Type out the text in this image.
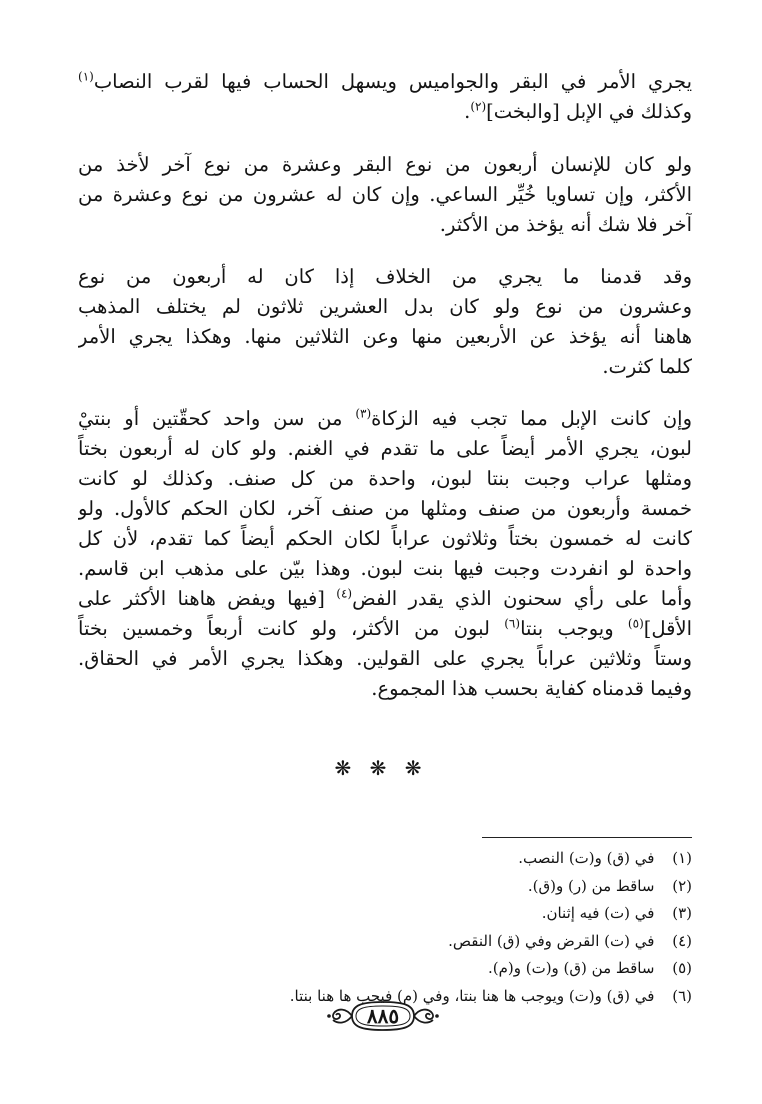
يجري الأمر في البقر والجواميس ويسهل الحساب فيها لقرب النصاب$^{(١)}$
وكذلك في الإبل [والبخت]$^{(٢)}$.
ولو كان للإنسان أربعون من نوع البقر وعشرة من نوع آخر لأخذ من
الأكثر، وإن تساويا خُيِّر الساعي. وإن كان له عشرون من نوع وعشرة من
آخر فلا شك أنه يؤخذ من الأكثر.
وقد قدمنا ما يجري من الخلاف إذا كان له أربعون من نوع
وعشرون من نوع ولو كان بدل العشرين ثلاثون لم يختلف المذهب
هاهنا أنه يؤخذ عن الأربعين منها وعن الثلاثين منها. وهكذا يجري الأمر
كلما كثرت.
وإن كانت الإبل مما تجب فيه الزكاة$^{(٣)}$ من سن واحد كحقّتين أو بنتيْ
لبون، يجري الأمر أيضاً على ما تقدم في الغنم. ولو كان له أربعون بختاً
ومثلها عراب وجبت بنتا لبون، واحدة من كل صنف. وكذلك لو كانت
خمسة وأربعون من صنف ومثلها من صنف آخر، لكان الحكم كالأول. ولو
كانت له خمسون بختاً وثلاثون عراباً لكان الحكم أيضاً كما تقدم، لأن كل
واحدة لو انفردت وجبت فيها بنت لبون. وهذا بيّن على مذهب ابن قاسم.
وأما على رأي سحنون الذي يقدر الفض$^{(٤)}$ [فيها ويفض هاهنا الأكثر على
الأقل]$^{(٥)}$ ويوجب بنتا$^{(٦)}$ لبون من الأكثر، ولو كانت أربعاً وخمسين بختاً
وستاً وثلاثين عراباً يجري على القولين. وهكذا يجري الأمر في الحقاق.
وفيما قدمناه كفاية بحسب هذا المجموع.
❋ ❋ ❋
(١)  في (ق) و(ت) النصب.
(٢)  ساقط من (ر) و(ق).
(٣)  في (ت) فيه إثنان.
(٤)  في (ت) القرض وفي (ق) النقص.
(٥)  ساقط من (ق) و(ت) و(م).
(٦)  في (ق) و(ت) ويوجب ها هنا بنتا، وفي (م) فيجب ها هنا بنتا.
٨٨٥
